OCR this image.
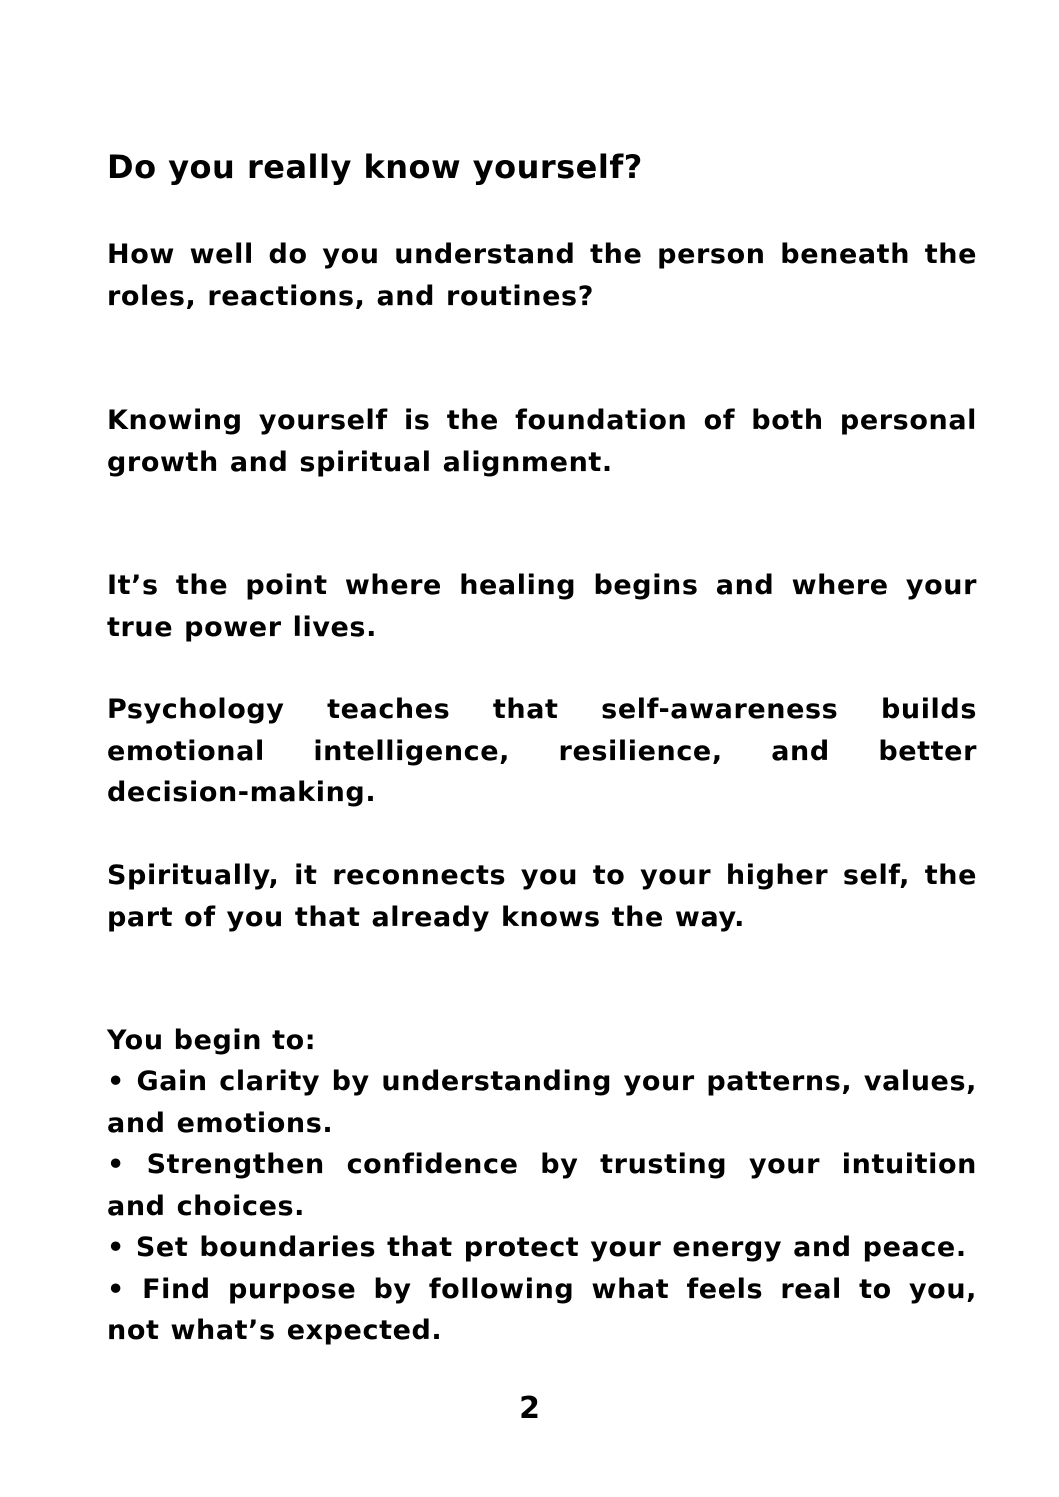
Do you really know yourself?

How well do you understand the person beneath the roles, reactions, and routines?

Knowing yourself is the foundation of both personal growth and spiritual alignment.

It’s the point where healing begins and where your true power lives.

Psychology teaches that self-awareness builds emotional intelligence, resilience, and better decision-making.

Spiritually, it reconnects you to your higher self, the part of you that already knows the way.

You begin to:

• Gain clarity by understanding your patterns, values, and emotions.
• Strengthen confidence by trusting your intuition and choices.
• Set boundaries that protect your energy and peace.
• Find purpose by following what feels real to you, not what’s expected.
2
